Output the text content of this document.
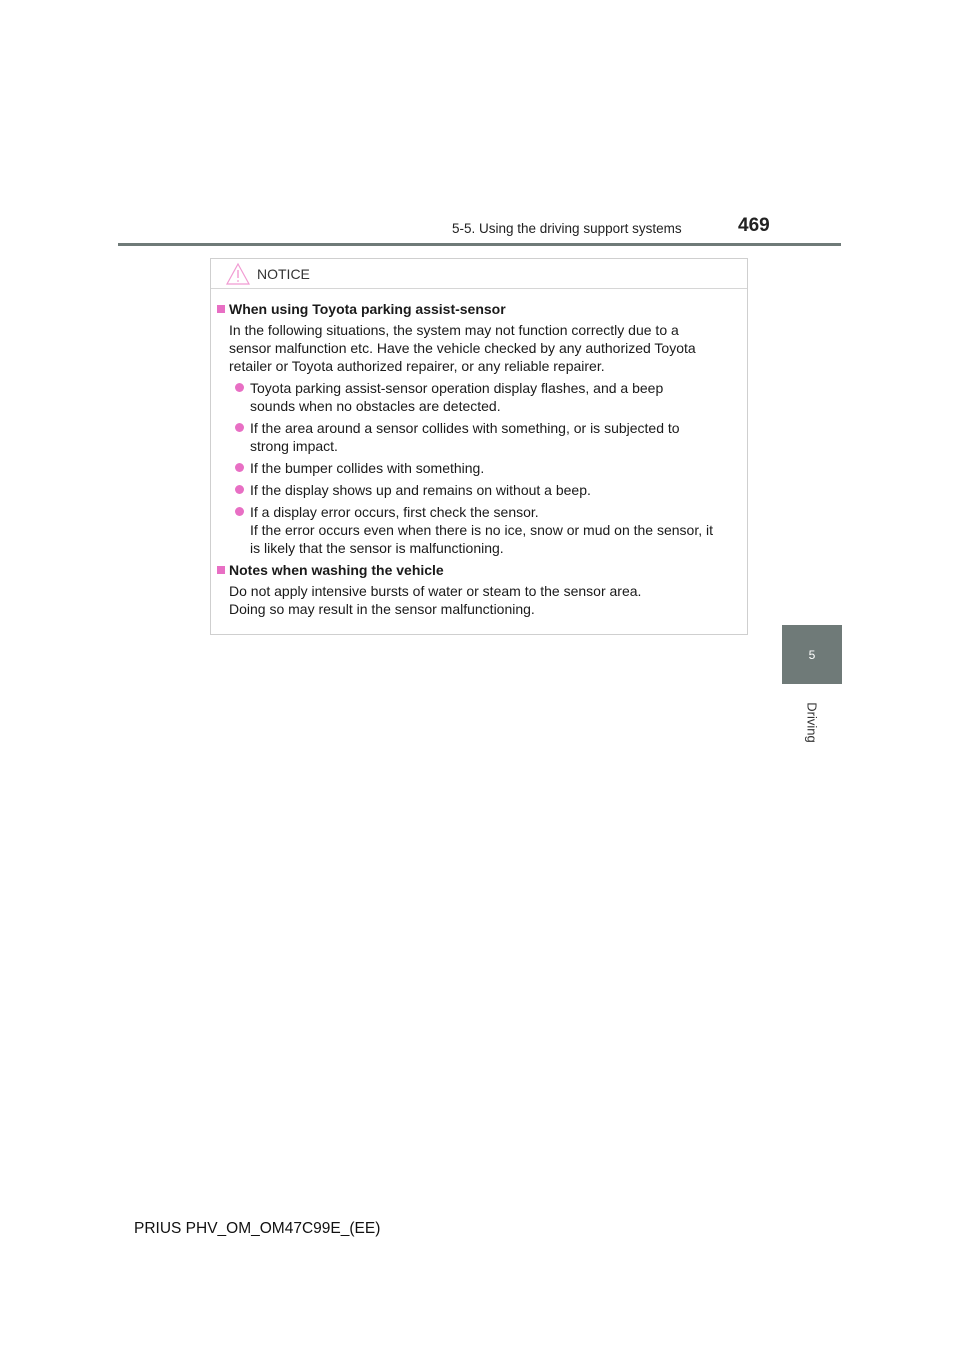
5-5. Using the driving support systems	469
5
Driving
NOTICE
When using Toyota parking assist-sensor
In the following situations, the system may not function correctly due to a
sensor malfunction etc. Have the vehicle checked by any authorized Toyota
retailer or Toyota authorized repairer, or any reliable repairer.
Toyota parking assist-sensor operation display flashes, and a beep
sounds when no obstacles are detected.
If the area around a sensor collides with something, or is subjected to
strong impact.
If the bumper collides with something.
If the display shows up and remains on without a beep.
If a display error occurs, first check the sensor.
If the error occurs even when there is no ice, snow or mud on the sensor, it
is likely that the sensor is malfunctioning.
Notes when washing the vehicle
Do not apply intensive bursts of water or steam to the sensor area.
Doing so may result in the sensor malfunctioning.
PRIUS PHV_OM_OM47C99E_(EE)
